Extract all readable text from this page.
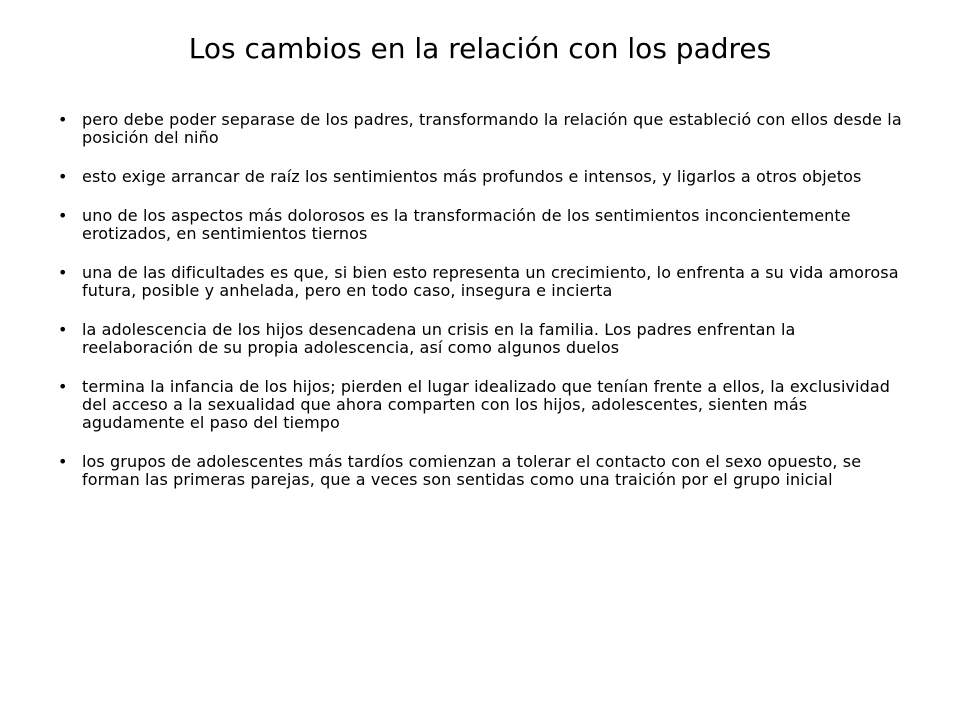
Los cambios en la relación con los padres
• pero debe poder separase de los padres, transformando la relación que estableció con ellos desde la posición del niño
• esto exige arrancar de raíz los sentimientos más profundos e intensos, y ligarlos a otros objetos
• uno de los aspectos más dolorosos es la transformación de los sentimientos inconcientemente erotizados, en sentimientos tiernos
• una de las dificultades es que, si bien esto representa un crecimiento, lo enfrenta a su vida amorosa futura, posible y anhelada, pero en todo caso, insegura e incierta
• la adolescencia de los hijos desencadena un crisis en la familia. Los padres enfrentan la reelaboración de su propia adolescencia, así como algunos duelos
• termina la infancia de los hijos; pierden el lugar idealizado que tenían frente a ellos, la exclusividad del acceso a la sexualidad que ahora comparten con los hijos, adolescentes, sienten más agudamente el paso del tiempo
• los grupos de adolescentes más tardíos comienzan a tolerar el contacto con el sexo opuesto, se forman las primeras parejas, que a veces son sentidas como una traición por el grupo inicial
